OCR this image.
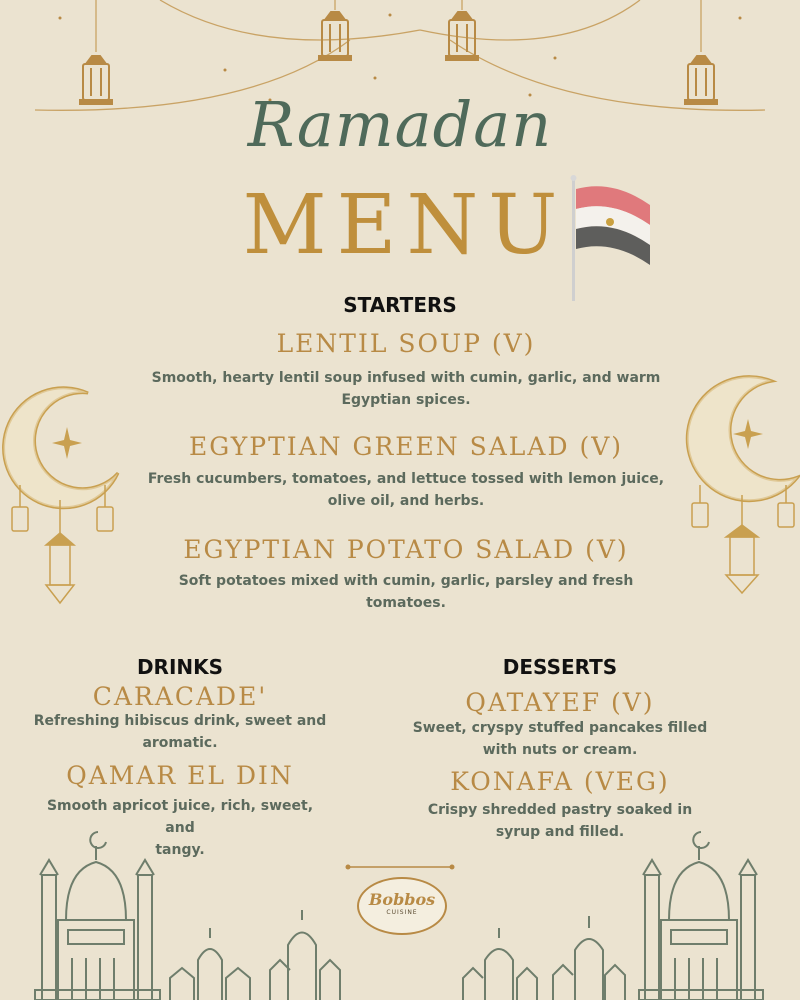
Ramadan
MENU
STARTERS
LENTIL SOUP (V)
Smooth, hearty lentil soup infused with cumin, garlic, and warm
Egyptian spices.
EGYPTIAN GREEN SALAD (V)
Fresh cucumbers, tomatoes, and lettuce tossed with lemon juice,
olive oil, and herbs.
EGYPTIAN POTATO SALAD (V)
Soft potatoes mixed with cumin, garlic, parsley and fresh
tomatoes.
DRINKS
CARACADE'
Refreshing hibiscus drink, sweet and
aromatic.
QAMAR EL DIN
Smooth apricot juice, rich, sweet, and
tangy.
DESSERTS
QATAYEF (V)
Sweet, cryspy stuffed pancakes filled
with nuts or cream.
KONAFA (VEG)
Crispy shredded pastry soaked in
syrup and filled.
Bobbos
CUISINE
